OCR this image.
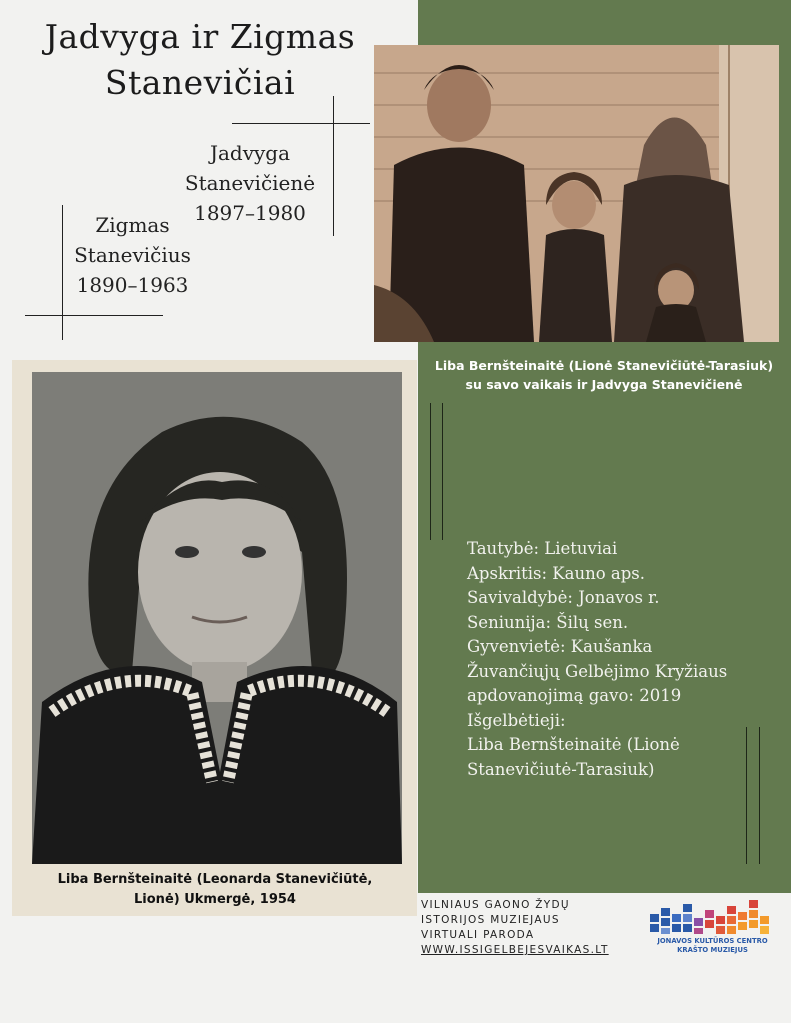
Jadvyga ir Zigmas
Stanevičiai
Jadvyga
Stanevičienė
1897–1980
Zigmas
Stanevičius
1890–1963
Liba Bernšteinaitė (Lionė Stanevičiūtė-Tarasiuk) su savo vaikais ir Jadvyga Stanevičienė
Liba Bernšteinaitė (Leonarda Stanevičiūtė,
Lionė) Ukmergė, 1954
Tautybė: Lietuviai
Apskritis: Kauno aps.
Savivaldybė: Jonavos r.
Seniunija: Šilų sen.
Gyvenvietė: Kaušanka
Žuvančiųjų Gelbėjimo Kryžiaus
apdovanojimą gavo: 2019
Išgelbėtieji:
Liba Bernšteinaitė (Lionė
Stanevičiutė-Tarasiuk)
VILNIAUS GAONO ŽYDŲ
ISTORIJOS MUZIEJAUS
VIRTUALI PARODA
WWW.ISSIGELBEJESVAIKAS.LT
JONAVOS KULTŪROS CENTRO
KRAŠTO MUZIEJUS
